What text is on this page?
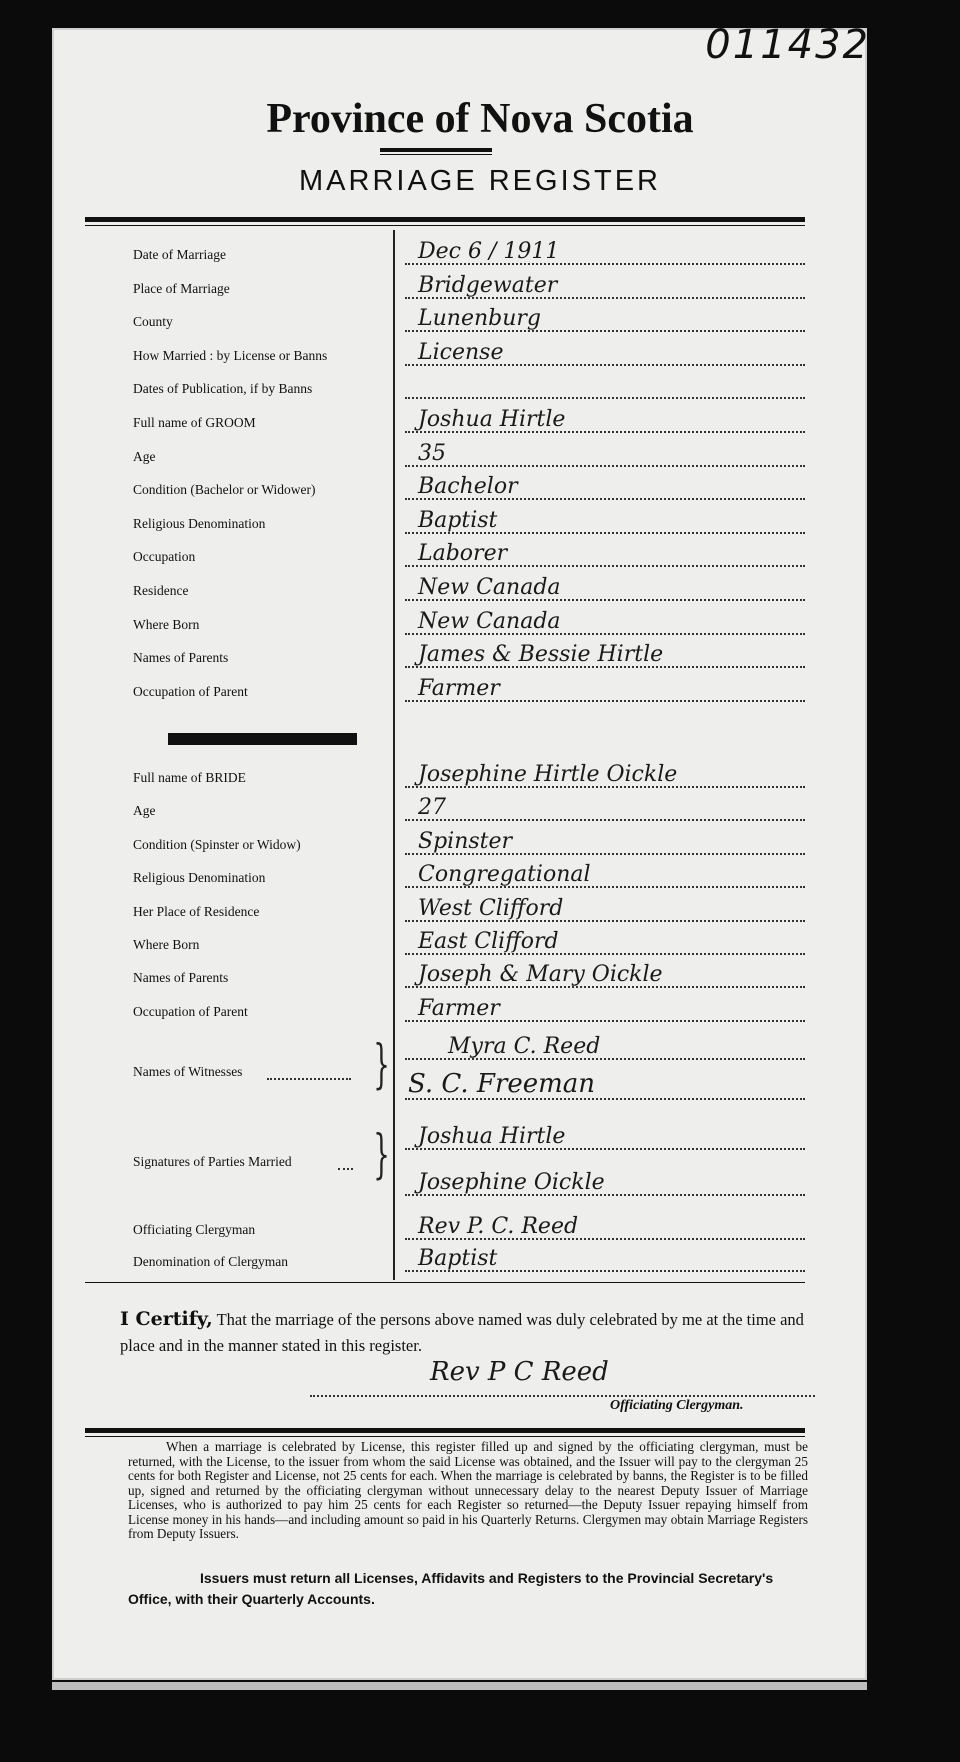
011432
Province of Nova Scotia
MARRIAGE REGISTER
Date of Marriage	Dec 6 / 1911
Place of Marriage	Bridgewater
County	Lunenburg
How Married : by License or Banns	License
Dates of Publication, if by Banns
Full name of GROOM	Joshua Hirtle
Age	35
Condition (Bachelor or Widower)	Bachelor
Religious Denomination	Baptist
Occupation	Laborer
Residence	New Canada
Where Born	New Canada
Names of Parents	James & Bessie Hirtle
Occupation of Parent	Farmer
Full name of BRIDE	Josephine Hirtle Oickle
Age	27
Condition (Spinster or Widow)	Spinster
Religious Denomination	Congregational
Her Place of Residence	West Clifford
Where Born	East Clifford
Names of Parents	Joseph & Mary Oickle
Occupation of Parent	Farmer
Names of Witnesses	}	Myra C. Reed
S. C. Freeman
Signatures of Parties Married	} Joshua Hirtle
Josephine Oickle
Officiating Clergyman	Rev P. C. Reed
Denomination of Clergyman	Baptist
I Certify, That the marriage of the persons above named was duly celebrated by me at the time and place and in the manner stated in this register.
Rev P C Reed
Officiating Clergyman.
When a marriage is celebrated by License, this register filled up and signed by the officiating clergyman, must be returned, with the License, to the issuer from whom the said License was obtained, and the Issuer will pay to the clergyman 25 cents for both Register and License, not 25 cents for each. When the marriage is celebrated by banns, the Register is to be filled up, signed and returned by the officiating clergyman without unnecessary delay to the nearest Deputy Issuer of Marriage Licenses, who is authorized to pay him 25 cents for each Register so returned—the Deputy Issuer repaying himself from License money in his hands—and including amount so paid in his Quarterly Returns. Clergymen may obtain Marriage Registers from Deputy Issuers.
Issuers must return all Licenses, Affidavits and Registers to the Provincial Secretary's Office, with their Quarterly Accounts.
